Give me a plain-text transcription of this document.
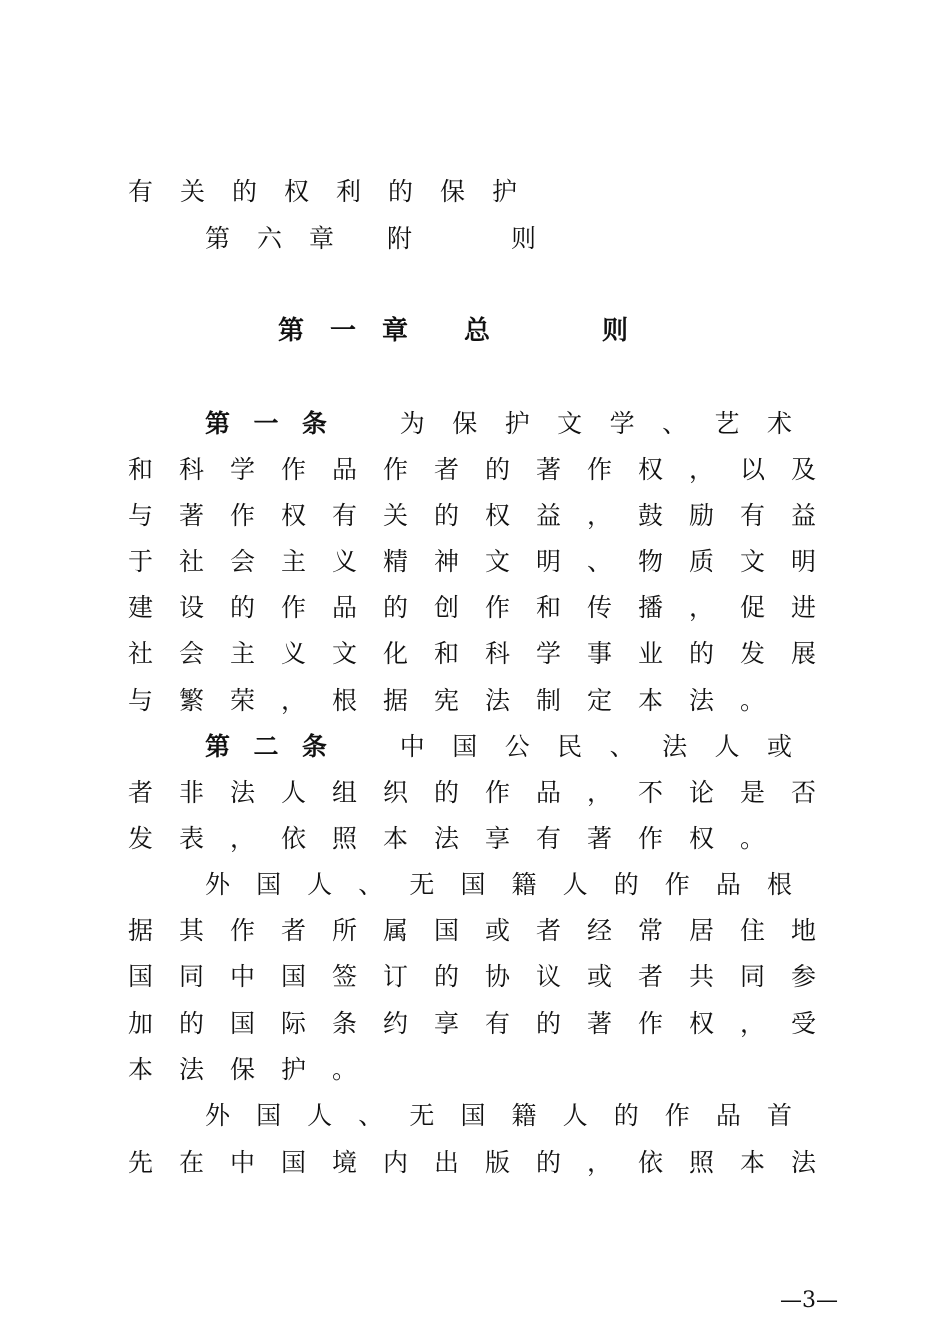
有关的权利的保护

第六章 附	则

第一章 总	则

第一条 为保护文学、艺术

和科学作品作者的著作权，以及

与著作权有关的权益，鼓励有益

于社会主义精神文明、物质文明

建设的作品的创作和传播，促进

社会主义文化和科学事业的发展

与繁荣，根据宪法制定本法。

第二条 中国公民、法人或

者非法人组织的作品，不论是否

发表，依照本法享有著作权。

外国人、无国籍人的作品根

据其作者所属国或者经常居住地

国同中国签订的协议或者共同参

加的国际条约享有的著作权，受

本法保护。

外国人、无国籍人的作品首

先在中国境内出版的，依照本法

—3—
